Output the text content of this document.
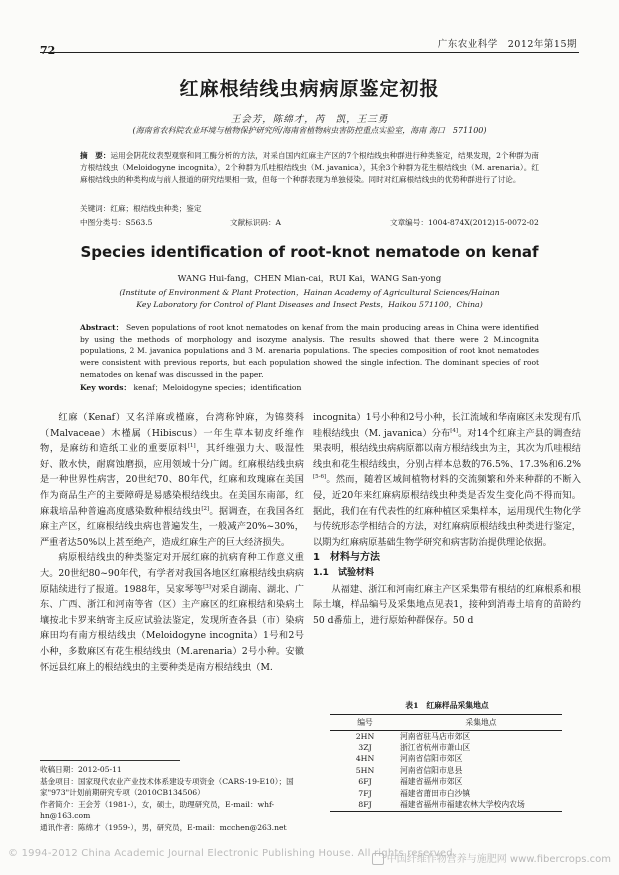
72	广东农业科学　2012年第15期
红麻根结线虫病病原鉴定初报
王会芳，陈绵才，芮　凯，王三勇
(海南省农科院农业环境与植物保护研究所/海南省植物病虫害防控重点实验室，海南 海口　571100)
摘　要：运用会阴花纹表型观察和同工酶分析的方法，对采自国内红麻主产区的7个根结线虫种群进行种类鉴定，结果发现，2个种群为南方根结线虫（Meloidogyne incognita），2个种群为爪哇根结线虫（M. javanica），其余3个种群为花生根结线虫（M. arenaria）。红麻根结线虫的种类构成与前人报道的研究结果相一致，但每一个种群表现为单独侵染。同时对红麻根结线虫的优势种群进行了讨论。
关键词：红麻；根结线虫种类；鉴定
中图分类号：S563.5	文献标识码：A	文章编号：1004-874X(2012)15-0072-02
Species identification of root-knot nematode on kenaf
WANG Hui-fang，CHEN Mian-cai，RUI Kai，WANG San-yong
(Institute of Environment & Plant Protection，Hainan Academy of Agricultural Sciences/Hainan
Key Laboratory for Control of Plant Diseases and Insect Pests，Haikou 571100，China)
Abstract： Seven populations of root knot nematodes on kenaf from the main producing areas in China were identified by using the methods of morphology and isozyme analysis. The results showed that there were 2 M.incognita populations, 2 M. javanica populations and 3 M. arenaria populations. The species composition of root knot nematodes were consistent with previous reports, but each population showed the single infection. The dominant species of root nematodes on kenaf was discussed in the paper.
Key words： kenaf；Meloidogyne species；identification

红麻（Kenaf）又名洋麻或槿麻，台湾称钟麻，为锦葵科（Malvaceae）木槿属（Hibiscus）一年生草本韧皮纤维作物，是麻纺和造纸工业的重要原料[1]，其纤维强力大、吸湿性好、散水快，耐腐蚀磨损，应用领域十分广阔。红麻根结线虫病是一种世界性病害，20世纪70、80年代，红麻和玫瑰麻在美国作为商品生产的主要障碍是易感染根结线虫。在美国东南部，红麻栽培品种普遍高度感染数种根结线虫[2]。据调查，在我国各红麻主产区，红麻根结线虫病也普遍发生，一般减产20%~30%，严重者达50%以上甚至绝产，造成红麻生产的巨大经济损失。

病原根结线虫的种类鉴定对开展红麻的抗病育种工作意义重大。20世纪80~90年代，有学者对我国各地区红麻根结线虫病病原陆续进行了报道。1988年，吴家琴等[3]对采自湖南、湖北、广东、广西、浙江和河南等省（区）主产麻区的红麻根结和染病土壤按北卡罗来纳寄主反应试验法鉴定，发现所查各县（市）染病麻田均有南方根结线虫（Meloidogyne incognita）1号和2号小种，多数麻区有花生根结线虫（M.arenaria）2号小种。安徽怀远县红麻上的根结线虫的主要种类是南方根结线虫（M.

incognita）1号小种和2号小种，长江流域和华南麻区未发现有爪哇根结线虫（M. javanica）分布[4]。对14个红麻主产县的调查结果表明，根结线虫病病原都以南方根结线虫为主，其次为爪哇根结线虫和花生根结线虫，分别占样本总数的76.5%、17.3%和6.2%[5-6]。然而，随着区域间植物材料的交流频繁和外来种群的不断入侵，近20年来红麻病原根结线虫种类是否发生变化尚不得而知。据此，我们在有代表性的红麻种植区采集样本，运用现代生物化学与传统形态学相结合的方法，对红麻病原根结线虫种类进行鉴定，以期为红麻病原基础生物学研究和病害防治提供理论依据。

1　材料与方法

1.1　试验材料

从福建、浙江和河南红麻主产区采集带有根结的红麻根系和根际土壤，样品编号及采集地点见表1，接种到消毒土培育的苗龄约50 d番茄上，进行原始种群保存。50 d

表1　红麻样品采集地点
编号	采集地点
2HN	河南省驻马店市郊区
3ZJ	浙江省杭州市萧山区
4HN	河南省信阳市郊区
5HN	河南省信阳市息县
6FJ	福建省福州市郊区
7FJ	福建省莆田市白沙镇
8FJ	福建省福州市福建农林大学校内农场
收稿日期：2012-05-11
基金项目：国家现代农业产业技术体系建设专项资金（CARS-19-E10）；国家"973"计划前期研究专项（2010CB134506）
作者简介：王会芳（1981-），女，硕士，助理研究员，E-mail：whf-hn@163.com
通讯作者：陈绵才（1959-），男，研究员，E-mail：mcchen@263.net
© 1994-2012 China Academic Journal Electronic Publishing House. All rights reserved.
中国纤维作物营养与施肥网 www.fibercrops.com
